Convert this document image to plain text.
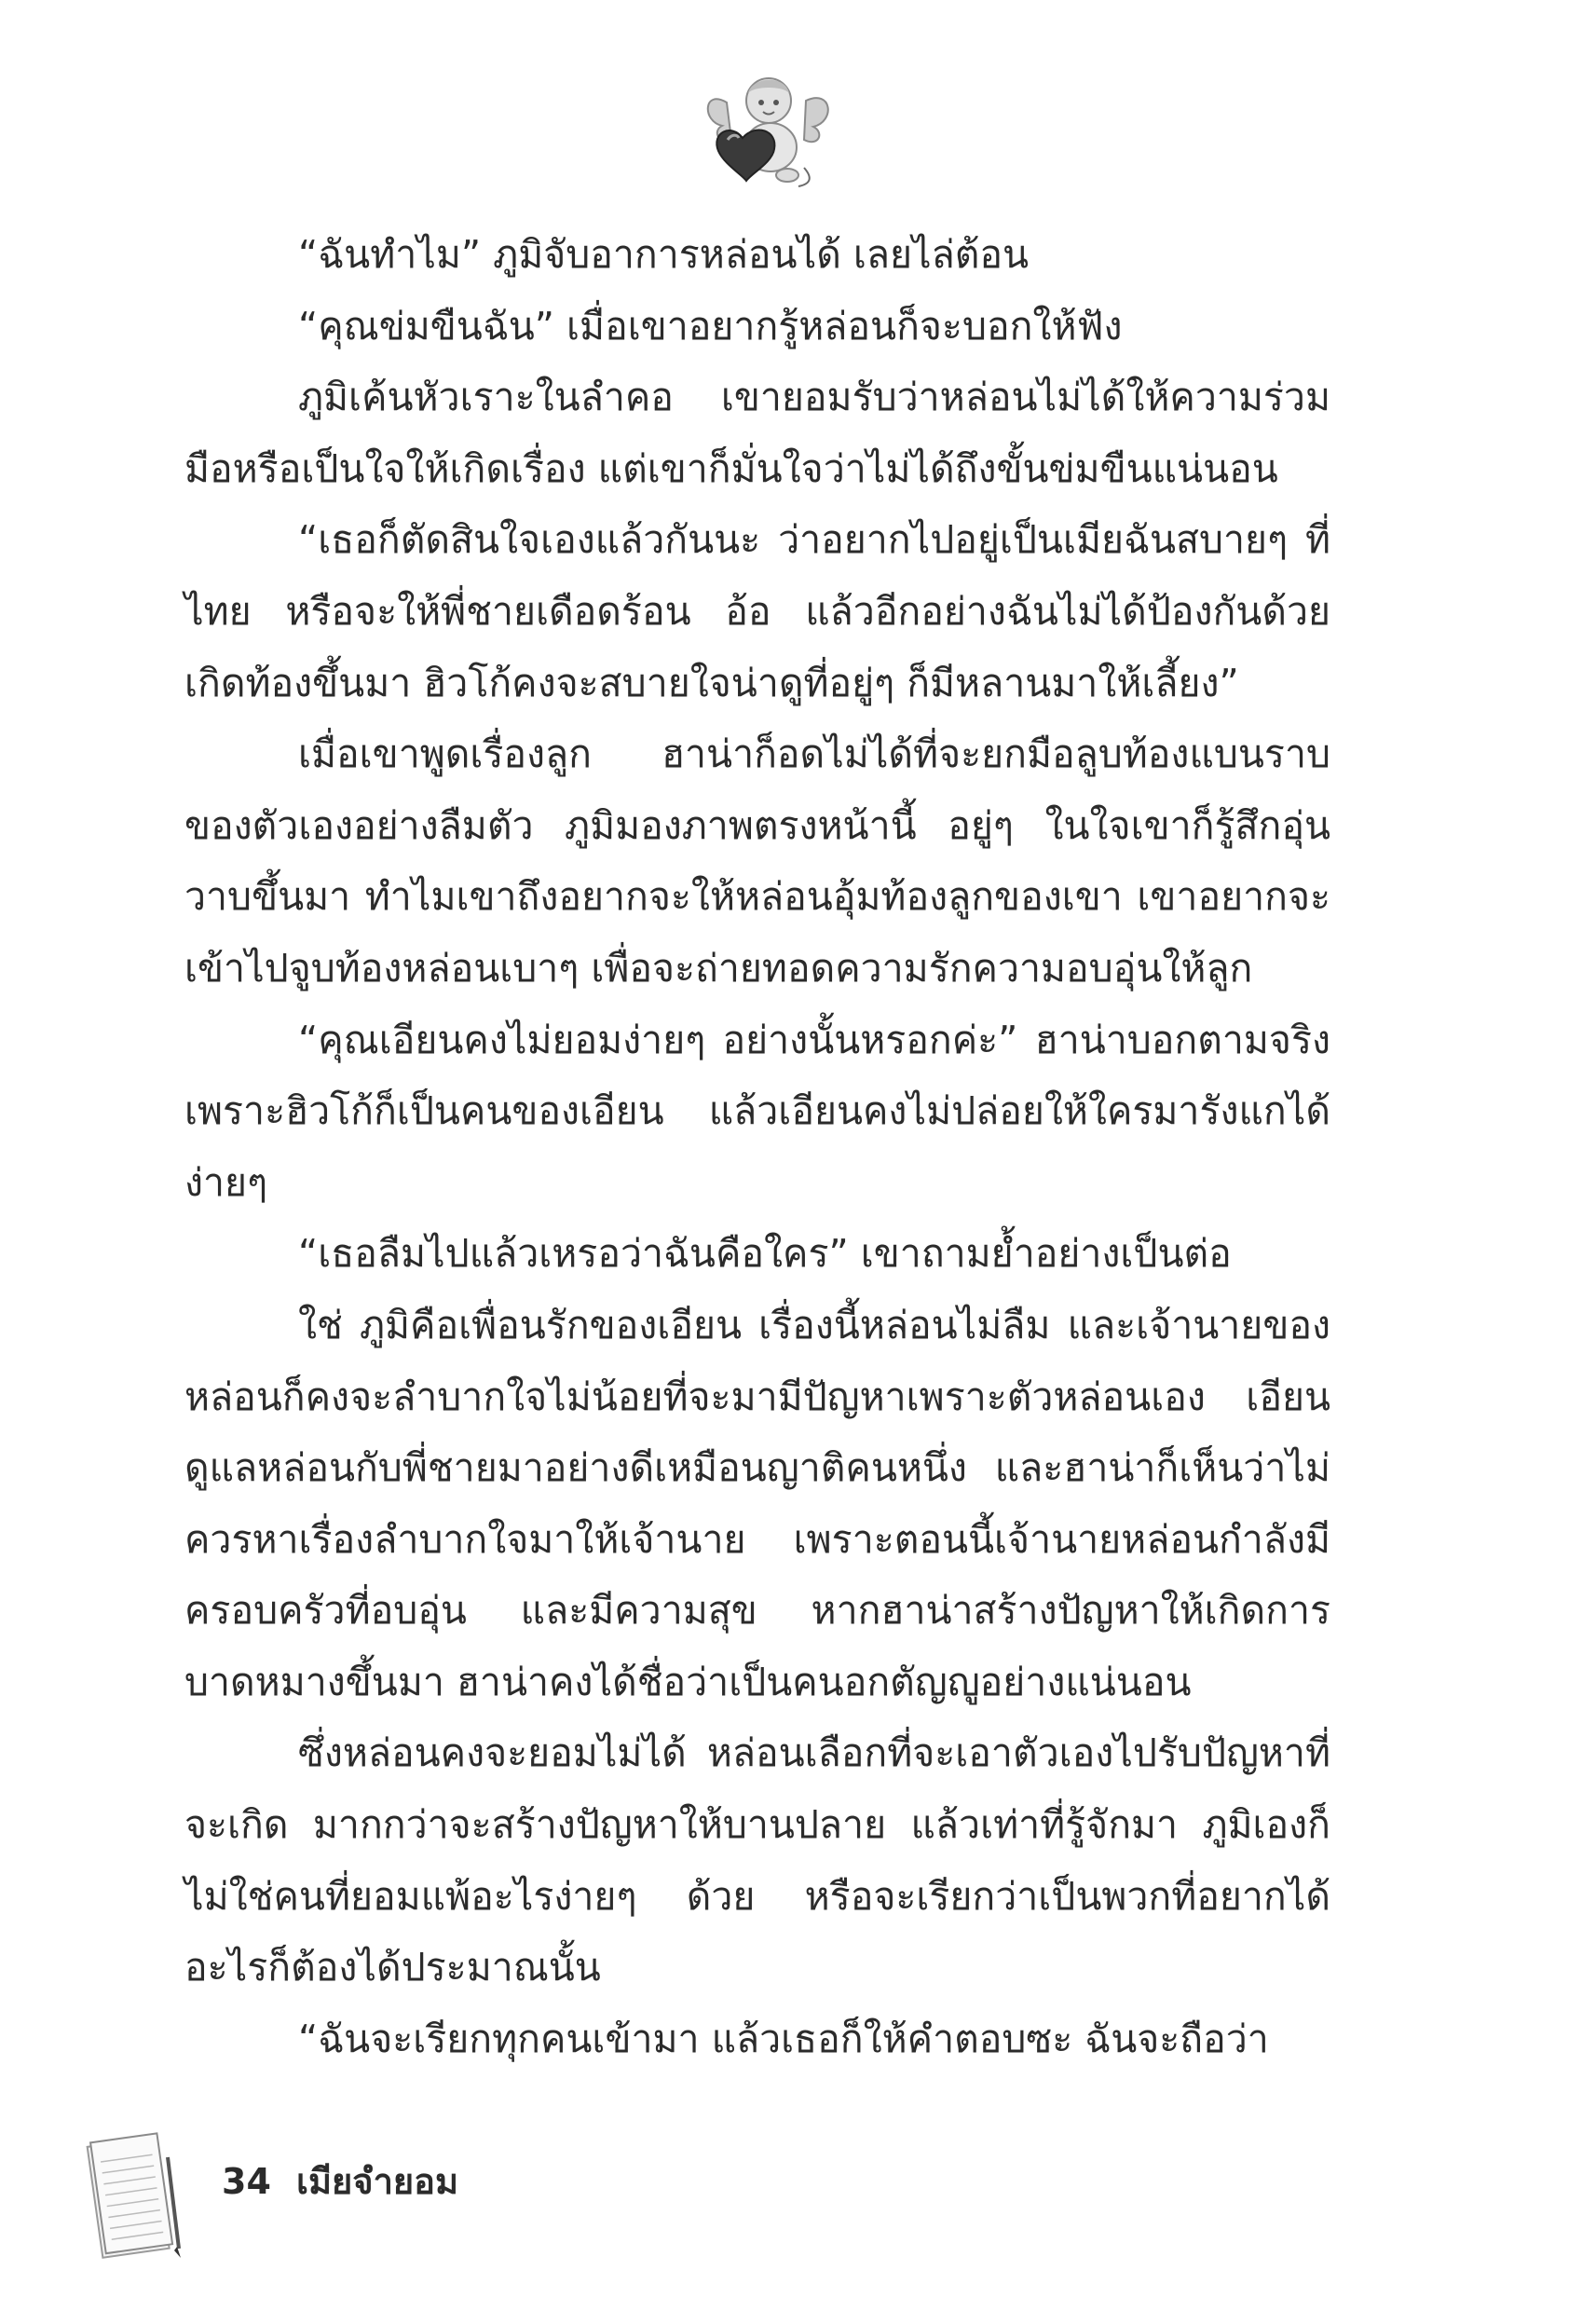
“ฉันทำไม” ภูมิจับอาการหล่อนได้ เลยไล่ต้อน

“คุณข่มขืนฉัน” เมื่อเขาอยากรู้หล่อนก็จะบอกให้ฟัง

ภูมิเค้นหัวเราะในลำคอ เขายอมรับว่าหล่อนไม่ได้ให้ความร่วมมือหรือเป็นใจให้เกิดเรื่อง แต่เขาก็มั่นใจว่าไม่ได้ถึงขั้นข่มขืนแน่นอน

“เธอก็ตัดสินใจเองแล้วกันนะ ว่าอยากไปอยู่เป็นเมียฉันสบายๆ ที่ไทย หรือจะให้พี่ชายเดือดร้อน อ้อ แล้วอีกอย่างฉันไม่ได้ป้องกันด้วย เกิดท้องขึ้นมา ฮิวโก้คงจะสบายใจน่าดูที่อยู่ๆ ก็มีหลานมาให้เลี้ยง”

เมื่อเขาพูดเรื่องลูก ฮาน่าก็อดไม่ได้ที่จะยกมือลูบท้องแบนราบของตัวเองอย่างลืมตัว ภูมิมองภาพตรงหน้านี้ อยู่ๆ ในใจเขาก็รู้สึกอุ่นวาบขึ้นมา ทำไมเขาถึงอยากจะให้หล่อนอุ้มท้องลูกของเขา เขาอยากจะเข้าไปจูบท้องหล่อนเบาๆ เพื่อจะถ่ายทอดความรักความอบอุ่นให้ลูก

“คุณเอียนคงไม่ยอมง่ายๆ อย่างนั้นหรอกค่ะ” ฮาน่าบอกตามจริง เพราะฮิวโก้ก็เป็นคนของเอียน แล้วเอียนคงไม่ปล่อยให้ใครมารังแกได้ง่ายๆ

“เธอลืมไปแล้วเหรอว่าฉันคือใคร” เขาถามย้ำอย่างเป็นต่อ

ใช่ ภูมิคือเพื่อนรักของเอียน เรื่องนี้หล่อนไม่ลืม และเจ้านายของหล่อนก็คงจะลำบากใจไม่น้อยที่จะมามีปัญหาเพราะตัวหล่อนเอง เอียนดูแลหล่อนกับพี่ชายมาอย่างดีเหมือนญาติคนหนึ่ง และฮาน่าก็เห็นว่าไม่ควรหาเรื่องลำบากใจมาให้เจ้านาย เพราะตอนนี้เจ้านายหล่อนกำลังมีครอบครัวที่อบอุ่น และมีความสุข หากฮาน่าสร้างปัญหาให้เกิดการบาดหมางขึ้นมา ฮาน่าคงได้ชื่อว่าเป็นคนอกตัญญูอย่างแน่นอน

ซึ่งหล่อนคงจะยอมไม่ได้ หล่อนเลือกที่จะเอาตัวเองไปรับปัญหาที่จะเกิด มากกว่าจะสร้างปัญหาให้บานปลาย แล้วเท่าที่รู้จักมา ภูมิเองก็ไม่ใช่คนที่ยอมแพ้อะไรง่ายๆ ด้วย หรือจะเรียกว่าเป็นพวกที่อยากได้อะไรก็ต้องได้ประมาณนั้น

“ฉันจะเรียกทุกคนเข้ามา แล้วเธอก็ให้คำตอบซะ ฉันจะถือว่า

34 เมียจำยอม
